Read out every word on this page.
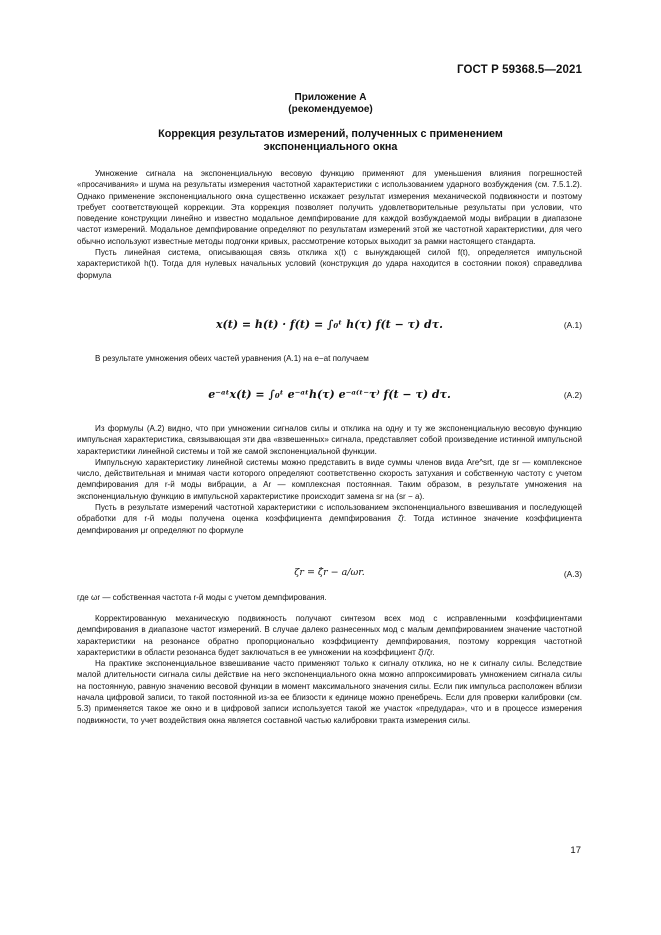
ГОСТ Р 59368.5—2021
Приложение А
(рекомендуемое)
Коррекция результатов измерений, полученных с применением экспоненциального окна

Умножение сигнала на экспоненциальную весовую функцию применяют для уменьшения влияния погрешностей «просачивания» и шума на результаты измерения частотной характеристики с использованием ударного возбуждения (см. 7.5.1.2). Однако применение экспоненциального окна существенно искажает результат измерения механической подвижности и поэтому требует соответствующей коррекции. Эта коррекция позволяет получить удовлетворительные результаты при условии, что поведение конструкции линейно и известно модальное демпфирование для каждой возбуждаемой моды вибрации в диапазоне частот измерений. Модальное демпфирование определяют по результатам измерений этой же частотной характеристики, для чего обычно используют известные методы подгонки кривых, рассмотрение которых выходит за рамки настоящего стандарта.

Пусть линейная система, описывающая связь отклика x(t) с вынуждающей силой f(t), определяется импульсной характеристикой h(t). Тогда для нулевых начальных условий (конструкция до удара находится в состоянии покоя) справедлива формула

x(t) = h(t) · f(t) = ∫₀ᵗ h(τ) f(t − τ) dτ.	(А.1)

В результате умножения обеих частей уравнения (А.1) на e−at получаем

e⁻ᵃᵗx(t) = ∫₀ᵗ e⁻ᵃᵗh(τ) e⁻ᵃ⁽ᵗ⁻τ⁾ f(t − τ) dτ.	(А.2)

Из формулы (А.2) видно, что при умножении сигналов силы и отклика на одну и ту же экспоненциальную весовую функцию импульсная характеристика, связывающая эти два «взвешенных» сигнала, представляет собой произведение истинной импульсной характеристики линейной системы и той же самой экспоненциальной функции.

Импульсную характеристику линейной системы можно представить в виде суммы членов вида Are^srt, где sr — комплексное число, действительная и мнимая части которого определяют соответственно скорость затухания и собственную частоту с учетом демпфирования для r-й моды вибрации, а Ar — комплексная постоянная. Таким образом, в результате умножения на экспоненциальную функцию в импульсной характеристике происходит замена sr на (sr − a).

Пусть в результате измерений частотной характеристики с использованием экспоненциального взвешивания и последующей обработки для r-й моды получена оценка коэффициента демпфирования ζ̂r. Тогда истинное значение коэффициента демпфирования μr определяют по формуле

ζr = ζ̂r − a/ωr.	(А.3)

где ωr — собственная частота r-й моды с учетом демпфирования.

Корректированную механическую подвижность получают синтезом всех мод с исправленными коэффициентами демпфирования в диапазоне частот измерений. В случае далеко разнесенных мод с малым демпфированием значение частотной характеристики на резонансе обратно пропорционально коэффициенту демпфирования, поэтому коррекция частотной характеристики в области резонанса будет заключаться в ее умножении на коэффициент ζ̂r/ζr.

На практике экспоненциальное взвешивание часто применяют только к сигналу отклика, но не к сигналу силы. Вследствие малой длительности сигнала силы действие на него экспоненциального окна можно аппроксимировать умножением сигнала силы на постоянную, равную значению весовой функции в момент максимального значения силы. Если пик импульса расположен вблизи начала цифровой записи, то такой постоянной из-за ее близости к единице можно пренебречь. Если для проверки калибровки (см. 5.3) применяется такое же окно и в цифровой записи используется такой же участок «предудара», что и в процессе измерения подвижности, то учет воздействия окна является составной частью калибровки тракта измерения силы.

17
